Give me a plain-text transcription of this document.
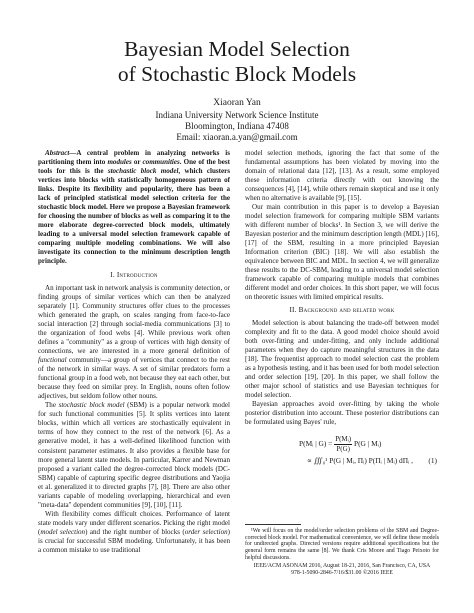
Bayesian Model Selection
of Stochastic Block Models
Xiaoran Yan
Indiana University Network Science Institute
Bloomington, Indiana 47408
Email: xiaoran.a.yan@gmail.com

Abstract—A central problem in analyzing networks is partitioning them into modules or communities. One of the best tools for this is the stochastic block model, which clusters vertices into blocks with statistically homogeneous pattern of links. Despite its flexibility and popularity, there has been a lack of principled statistical model selection criteria for the stochastic block model. Here we propose a Bayesian framework for choosing the number of blocks as well as comparing it to the more elaborate degree-corrected block models, ultimately leading to a universal model selection framework capable of comparing multiple modeling combinations. We will also investigate its connection to the minimum description length principle.

I. Introduction

An important task in network analysis is community detection, or finding groups of similar vertices which can then be analyzed separately [1]. Community structures offer clues to the processes which generated the graph, on scales ranging from face-to-face social interaction [2] through social-media communications [3] to the organization of food webs [4]. While previous work often defines a "community" as a group of vertices with high density of connections, we are interested in a more general definition of functional community—a group of vertices that connect to the rest of the network in similar ways. A set of similar predators form a functional group in a food web, not because they eat each other, but because they feed on similar prey. In English, nouns often follow adjectives, but seldom follow other nouns.

The stochastic block model (SBM) is a popular network model for such functional communities [5]. It splits vertices into latent blocks, within which all vertices are stochastically equivalent in terms of how they connect to the rest of the network [6]. As a generative model, it has a well-defined likelihood function with consistent parameter estimates. It also provides a flexible base for more general latent state models. In particular, Karrer and Newman proposed a variant called the degree-corrected block models (DC-SBM) capable of capturing specific degree distributions and Yaojia et al. generalized it to directed graphs [7], [8]. There are also other variants capable of modeling overlapping, hierarchical and even "meta-data" dependent communities [9], [10], [11].

With flexibility comes difficult choices. Performance of latent state models vary under different scenarios. Picking the right model (model selection) and the right number of blocks (order selection) is crucial for successful SBM modeling. Unfortunately, it has been a common mistake to use traditional

model selection methods, ignoring the fact that some of the fundamental assumptions has been violated by moving into the domain of relational data [12], [13]. As a result, some employed these information criteria directly with out knowing the consequences [4], [14], while others remain skeptical and use it only when no alternative is available [9], [15].

Our main contribution in this paper is to develop a Bayesian model selection framework for comparing multiple SBM variants with different number of blocks¹. In Section 3, we will derive the Bayesian posterior and the minimum description length (MDL) [16], [17] of the SBM, resulting in a more principled Bayesian Information criterion (BIC) [18]. We will also establish the equivalence between BIC and MDL. In section 4, we will generalize these results to the DC-SBM, leading to a universal model selection framework capable of comparing multiple models that combines different model and order choices. In this short paper, we will focus on theoretic issues with limited empirical results.

II. Background and related work

Model selection is about balancing the trade-off between model complexity and fit to the data. A good model choice should avoid both over-fitting and under-fitting, and only include additional parameters when they do capture meaningful structures in the data [18]. The frequentist approach to model selection cast the problem as a hypothesis testing, and it has been used for both model selection and order selection [19], [20]. In this paper, we shall follow the other major school of statistics and use Bayesian techniques for model selection.

Bayesian approaches avoid over-fitting by taking the whole posterior distribution into account. These posterior distributions can be formulated using Bayes' rule,

P(Mᵢ | $G) = \frac{\text{P(Mᵢ)}}{P(G)} P(G$ | Mᵢ)
∝ ∭₀¹ P(G | Mᵢ, Πᵢ) P(Πᵢ | Mᵢ) dΠᵢ , (1)

¹We will focus on the model/order selection problems of the SBM and Degree-corrected block model. For mathematical convenience, we will define these models for undirected graphs. Directed versions require additional specifications but the general form remains the same [8]. We thank Cris Moore and Tiago Peixoto for helpful discussions.

IEEE/ACM ASONAM 2016, August 18-21, 2016, San Francisco, CA, USA

978-1-5090-2846-7/16/$31.00 ©2016 IEEE
